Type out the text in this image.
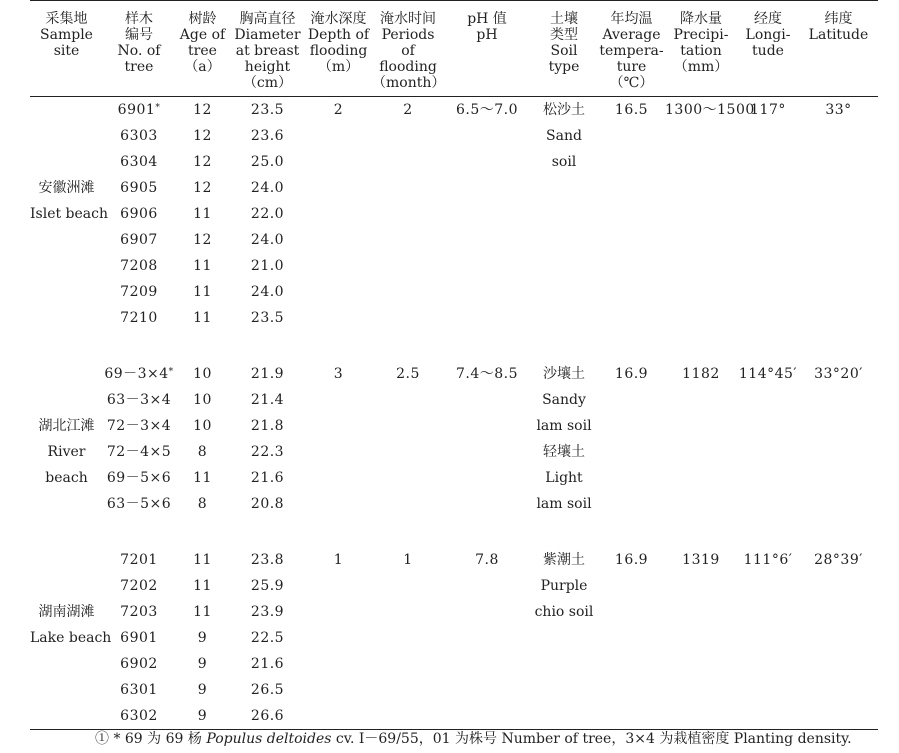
采集地
Sample
site	样木
编号
No. of
tree	树龄
Age of
tree
（a）	胸高直径
Diameter
at breast
height
（cm）	淹水深度
Depth of
flooding
（m）	淹水时间
Periods
of
flooding
（month）	pH 值
pH	土壤
类型
Soil
type	年均温
Average
tempera-
ture
（℃）	降水量
Precipi-
tation
（mm）	经度
Longi-
tude	纬度
Latitude

	6901*	12	23.5	2	2	6.5～7.0	松沙土	16.5	1300～1500	117°	33°
	6303	12	23.6				Sand				
	6304	12	25.0				soil				
安徽洲滩	6905	12	24.0								
Islet beach	6906	11	22.0								
	6907	12	24.0								
	7208	11	21.0								
	7209	11	24.0								
	7210	11	23.5								

	69－3×4*	10	21.9	3	2.5	7.4～8.5	沙壤土	16.9	1182	114°45′	33°20′
	63－3×4	10	21.4				Sandy				
湖北江滩	72－3×4	10	21.8				lam soil				
River	72－4×5	8	22.3				轻壤土				
beach	69－5×6	11	21.6				Light				
	63－5×6	8	20.8				lam soil				

	7201	11	23.8	1	1	7.8	紫潮土	16.9	1319	111°6′	28°39′
	7202	11	25.9				Purple				
湖南湖滩	7203	11	23.9				chio soil				
Lake beach	6901	9	22.5								
	6902	9	21.6								
	6301	9	26.5								
	6302	9	26.6								
① * 69 为 69 杨 Populus deltoides cv. Ⅰ－69/55，01 为株号 Number of tree，3×4 为栽植密度 Planting density.
